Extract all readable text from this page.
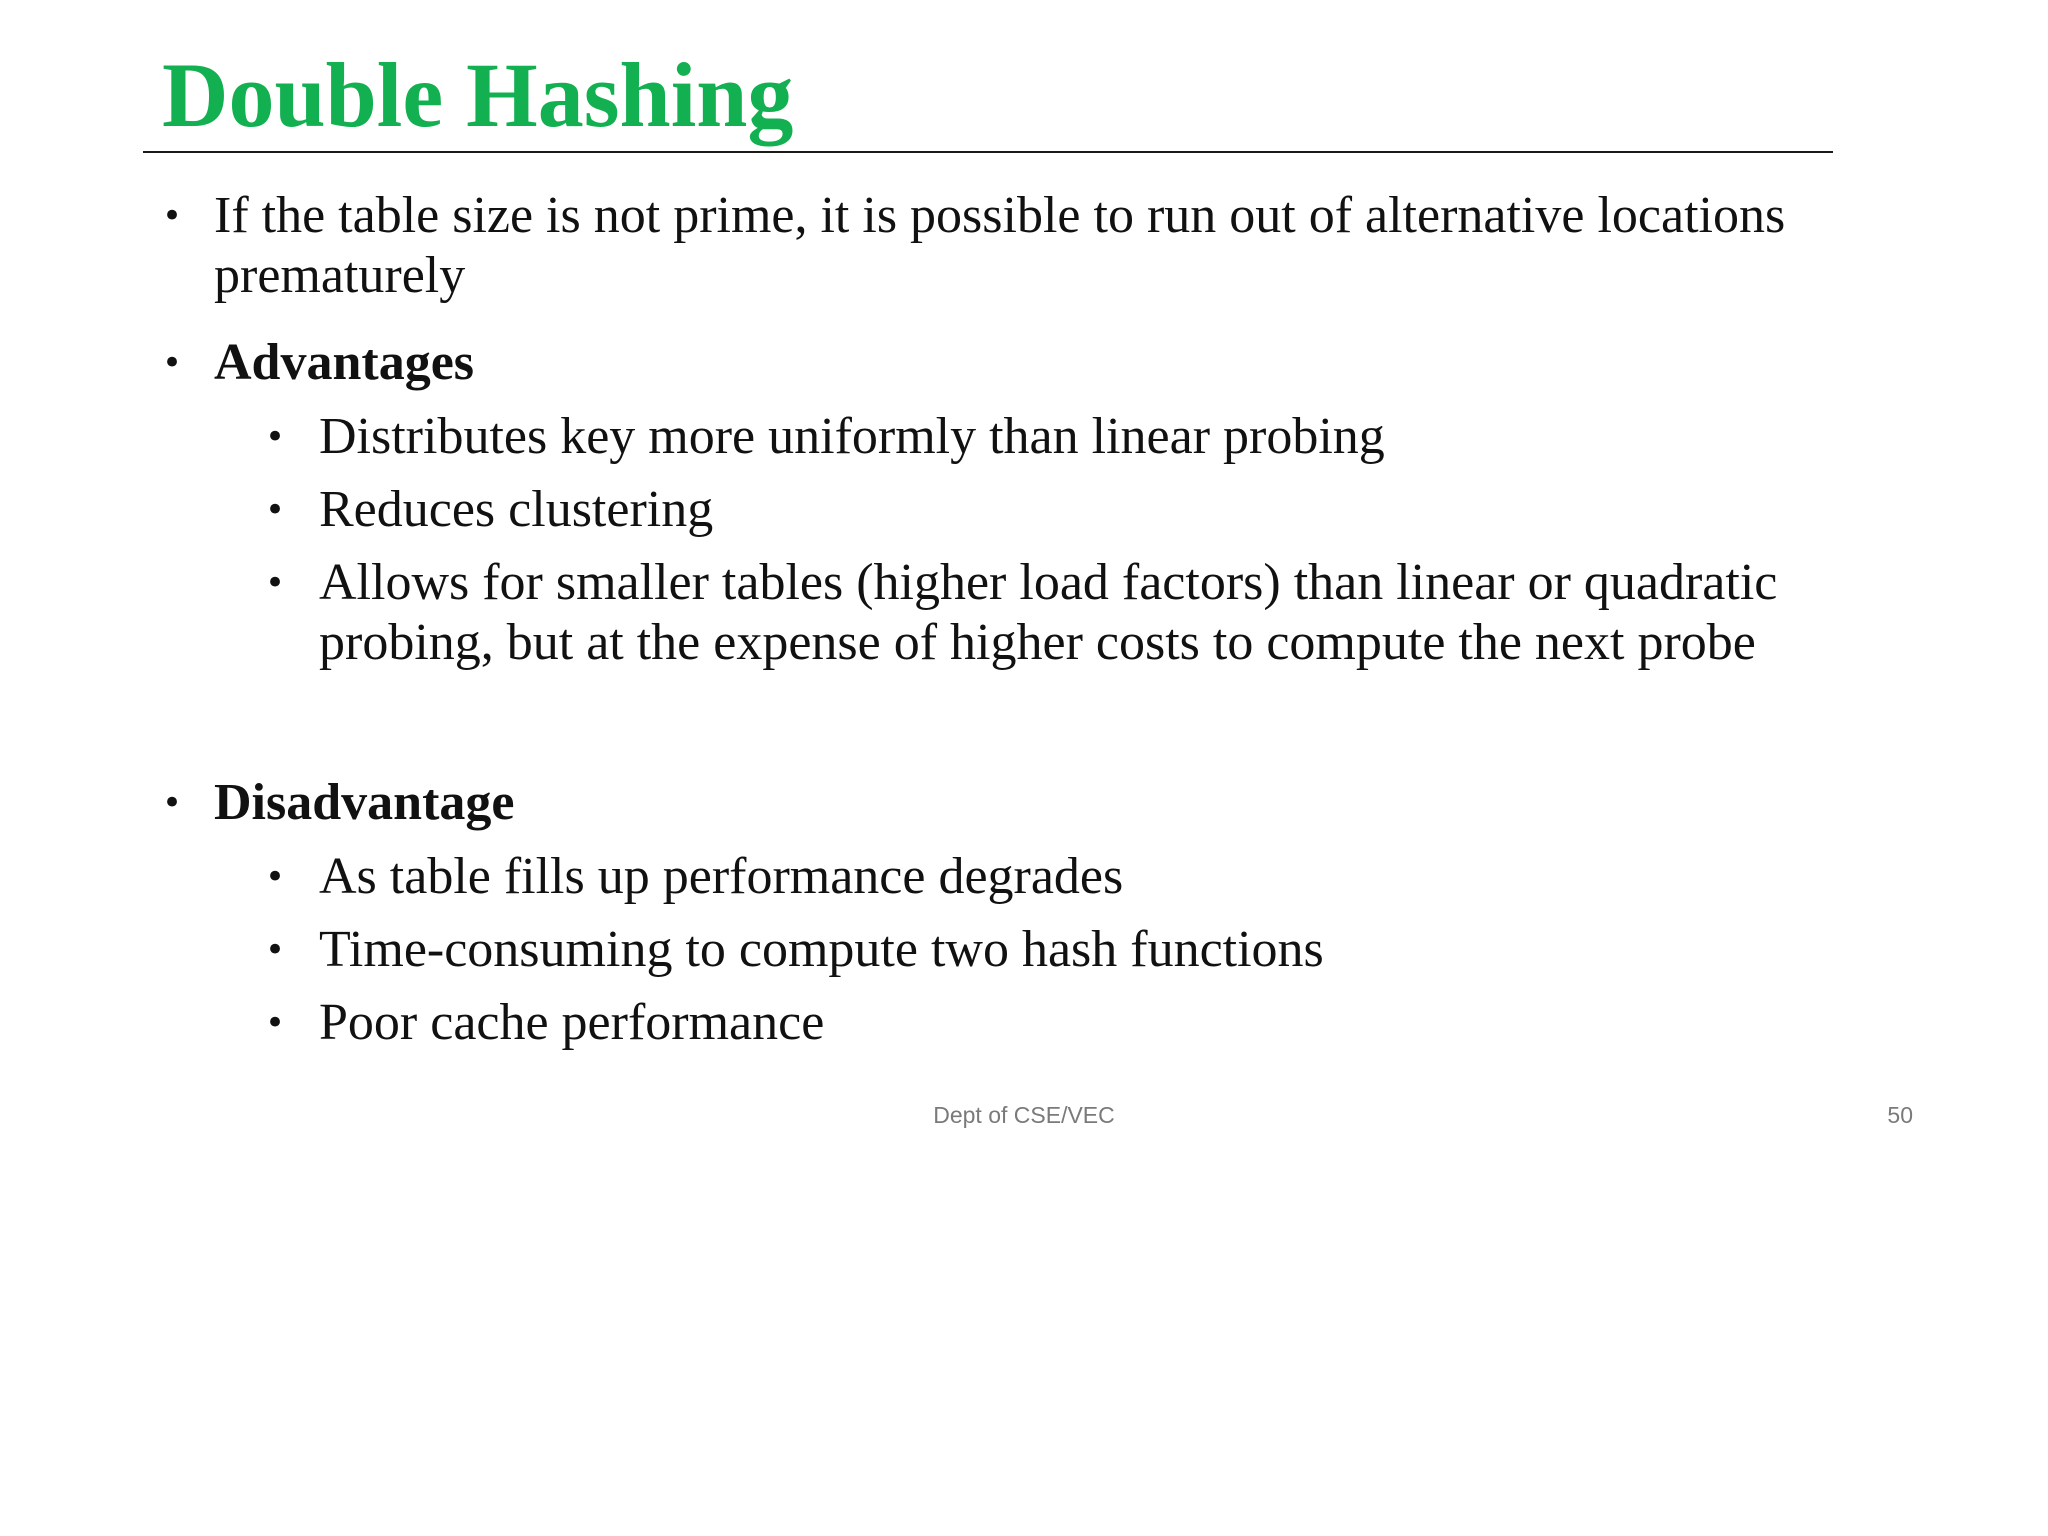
Double Hashing
• If the table size is not prime, it is possible to run out of alternative locations prematurely
• Advantages
• Distributes key more uniformly than linear probing
• Reduces clustering
• Allows for smaller tables (higher load factors) than linear or quadratic probing, but at the expense of higher costs to compute the next probe
• Disadvantage
• As table fills up performance degrades
• Time-consuming to compute two hash functions
• Poor cache performance
Dept of CSE/VEC	50
